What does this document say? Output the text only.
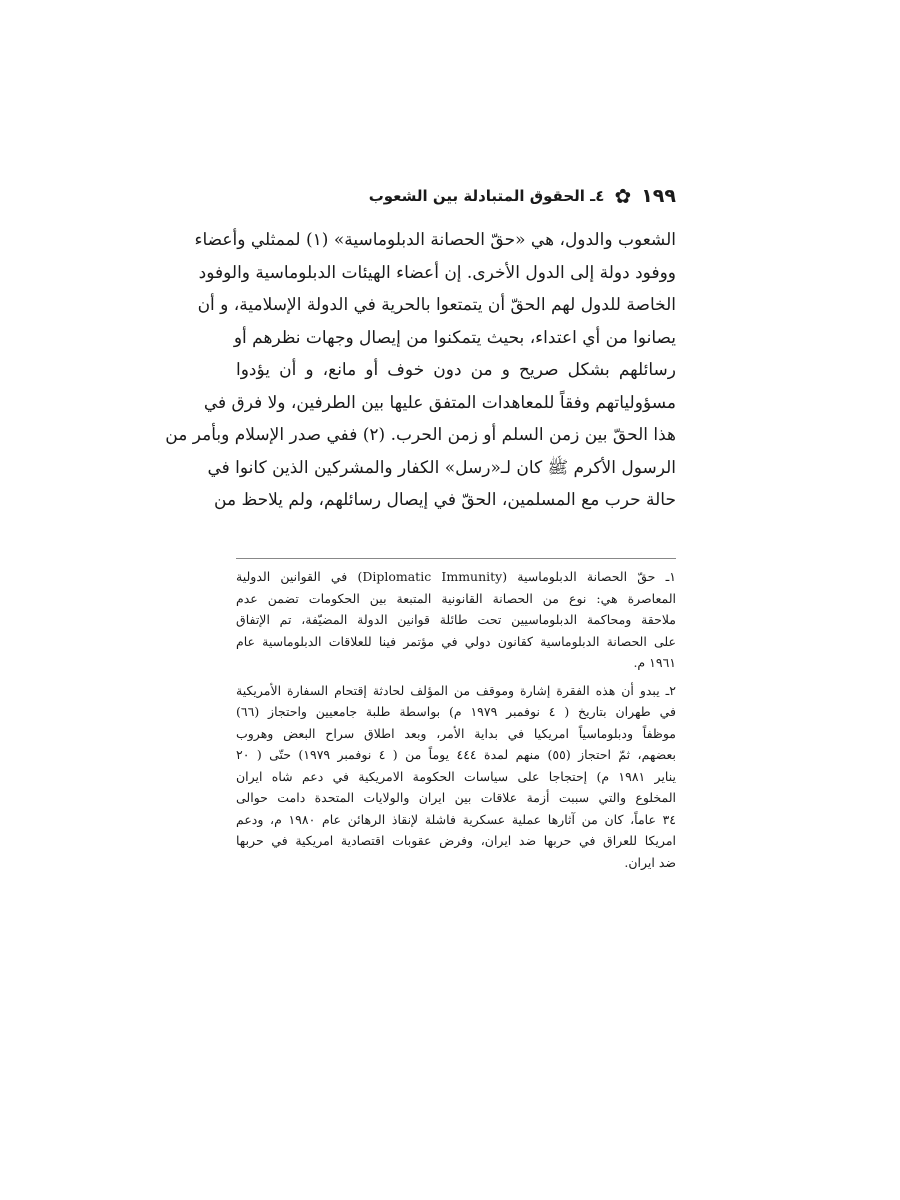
١٩٩
✿
٤ـ الحقوق المتبادلة بين الشعوب
الشعوب والدول، هي «حقّ الحصانة الدبلوماسية» (١) لممثلي وأعضاء
ووفود دولة إلى الدول الأخرى. إن أعضاء الهيئات الدبلوماسية والوفود
الخاصة للدول لهم الحقّ أن يتمتعوا بالحرية في الدولة الإسلامية، و أن
يصانوا من أي اعتداء، بحيث يتمكنوا من إيصال وجهات نظرهم أو
رسائلهم بشكل صريح و من دون خوف أو مانع، و أن يؤدوا
مسؤولياتهم وفقاً للمعاهدات المتفق عليها بين الطرفين، ولا فرق في
هذا الحقّ بين زمن السلم أو زمن الحرب. (٢) ففي صدر الإسلام وبأمر من
الرسول الأكرم ﷺ كان لـ«رسل» الكفار والمشركين الذين كانوا في
حالة حرب مع المسلمين، الحقّ في إيصال رسائلهم، ولم يلاحظ من
١ـ حقّ الحصانة الدبلوماسية (Diplomatic Immunity) في القوانين الدولية
المعاصرة هي: نوع من الحصانة القانونية المتبعة بين الحكومات تضمن عدم
ملاحقة ومحاكمة الدبلوماسيين تحت طائلة قوانين الدولة المضيّفة، تم الإتفاق
على الحصانة الدبلوماسية كقانون دولي في مؤتمر فينا للعلاقات الدبلوماسية عام
١٩٦١ م.
٢ـ يبدو أن هذه الفقرة إشارة وموقف من المؤلف لحادثة إقتحام السفارة الأمريكية
في طهران بتاريخ ( ٤ نوفمبر ١٩٧٩ م) بواسطة طلبة جامعيين واحتجاز (٦٦)
موظفاً ودبلوماسياً امريكيا في بداية الأمر، وبعد اطلاق سراح البعض وهروب
بعضهم، ثمّ احتجاز (٥٥) منهم لمدة ٤٤٤ يوماً من ( ٤ نوفمبر ١٩٧٩) حتّى ( ٢٠
يناير ١٩٨١ م) إحتجاجا على سياسات الحكومة الامريكية في دعم شاه ايران
المخلوع والتي سببت أزمة علاقات بين ايران والولايات المتحدة دامت حوالى
٣٤ عاماً، كان من آثارها عملية عسكرية فاشلة لإنقاذ الرهائن عام ١٩٨٠ م، ودعم
امريكا للعراق في حربها ضد ايران، وفرض عقوبات اقتصادية امريكية في حربها
ضد ايران.
